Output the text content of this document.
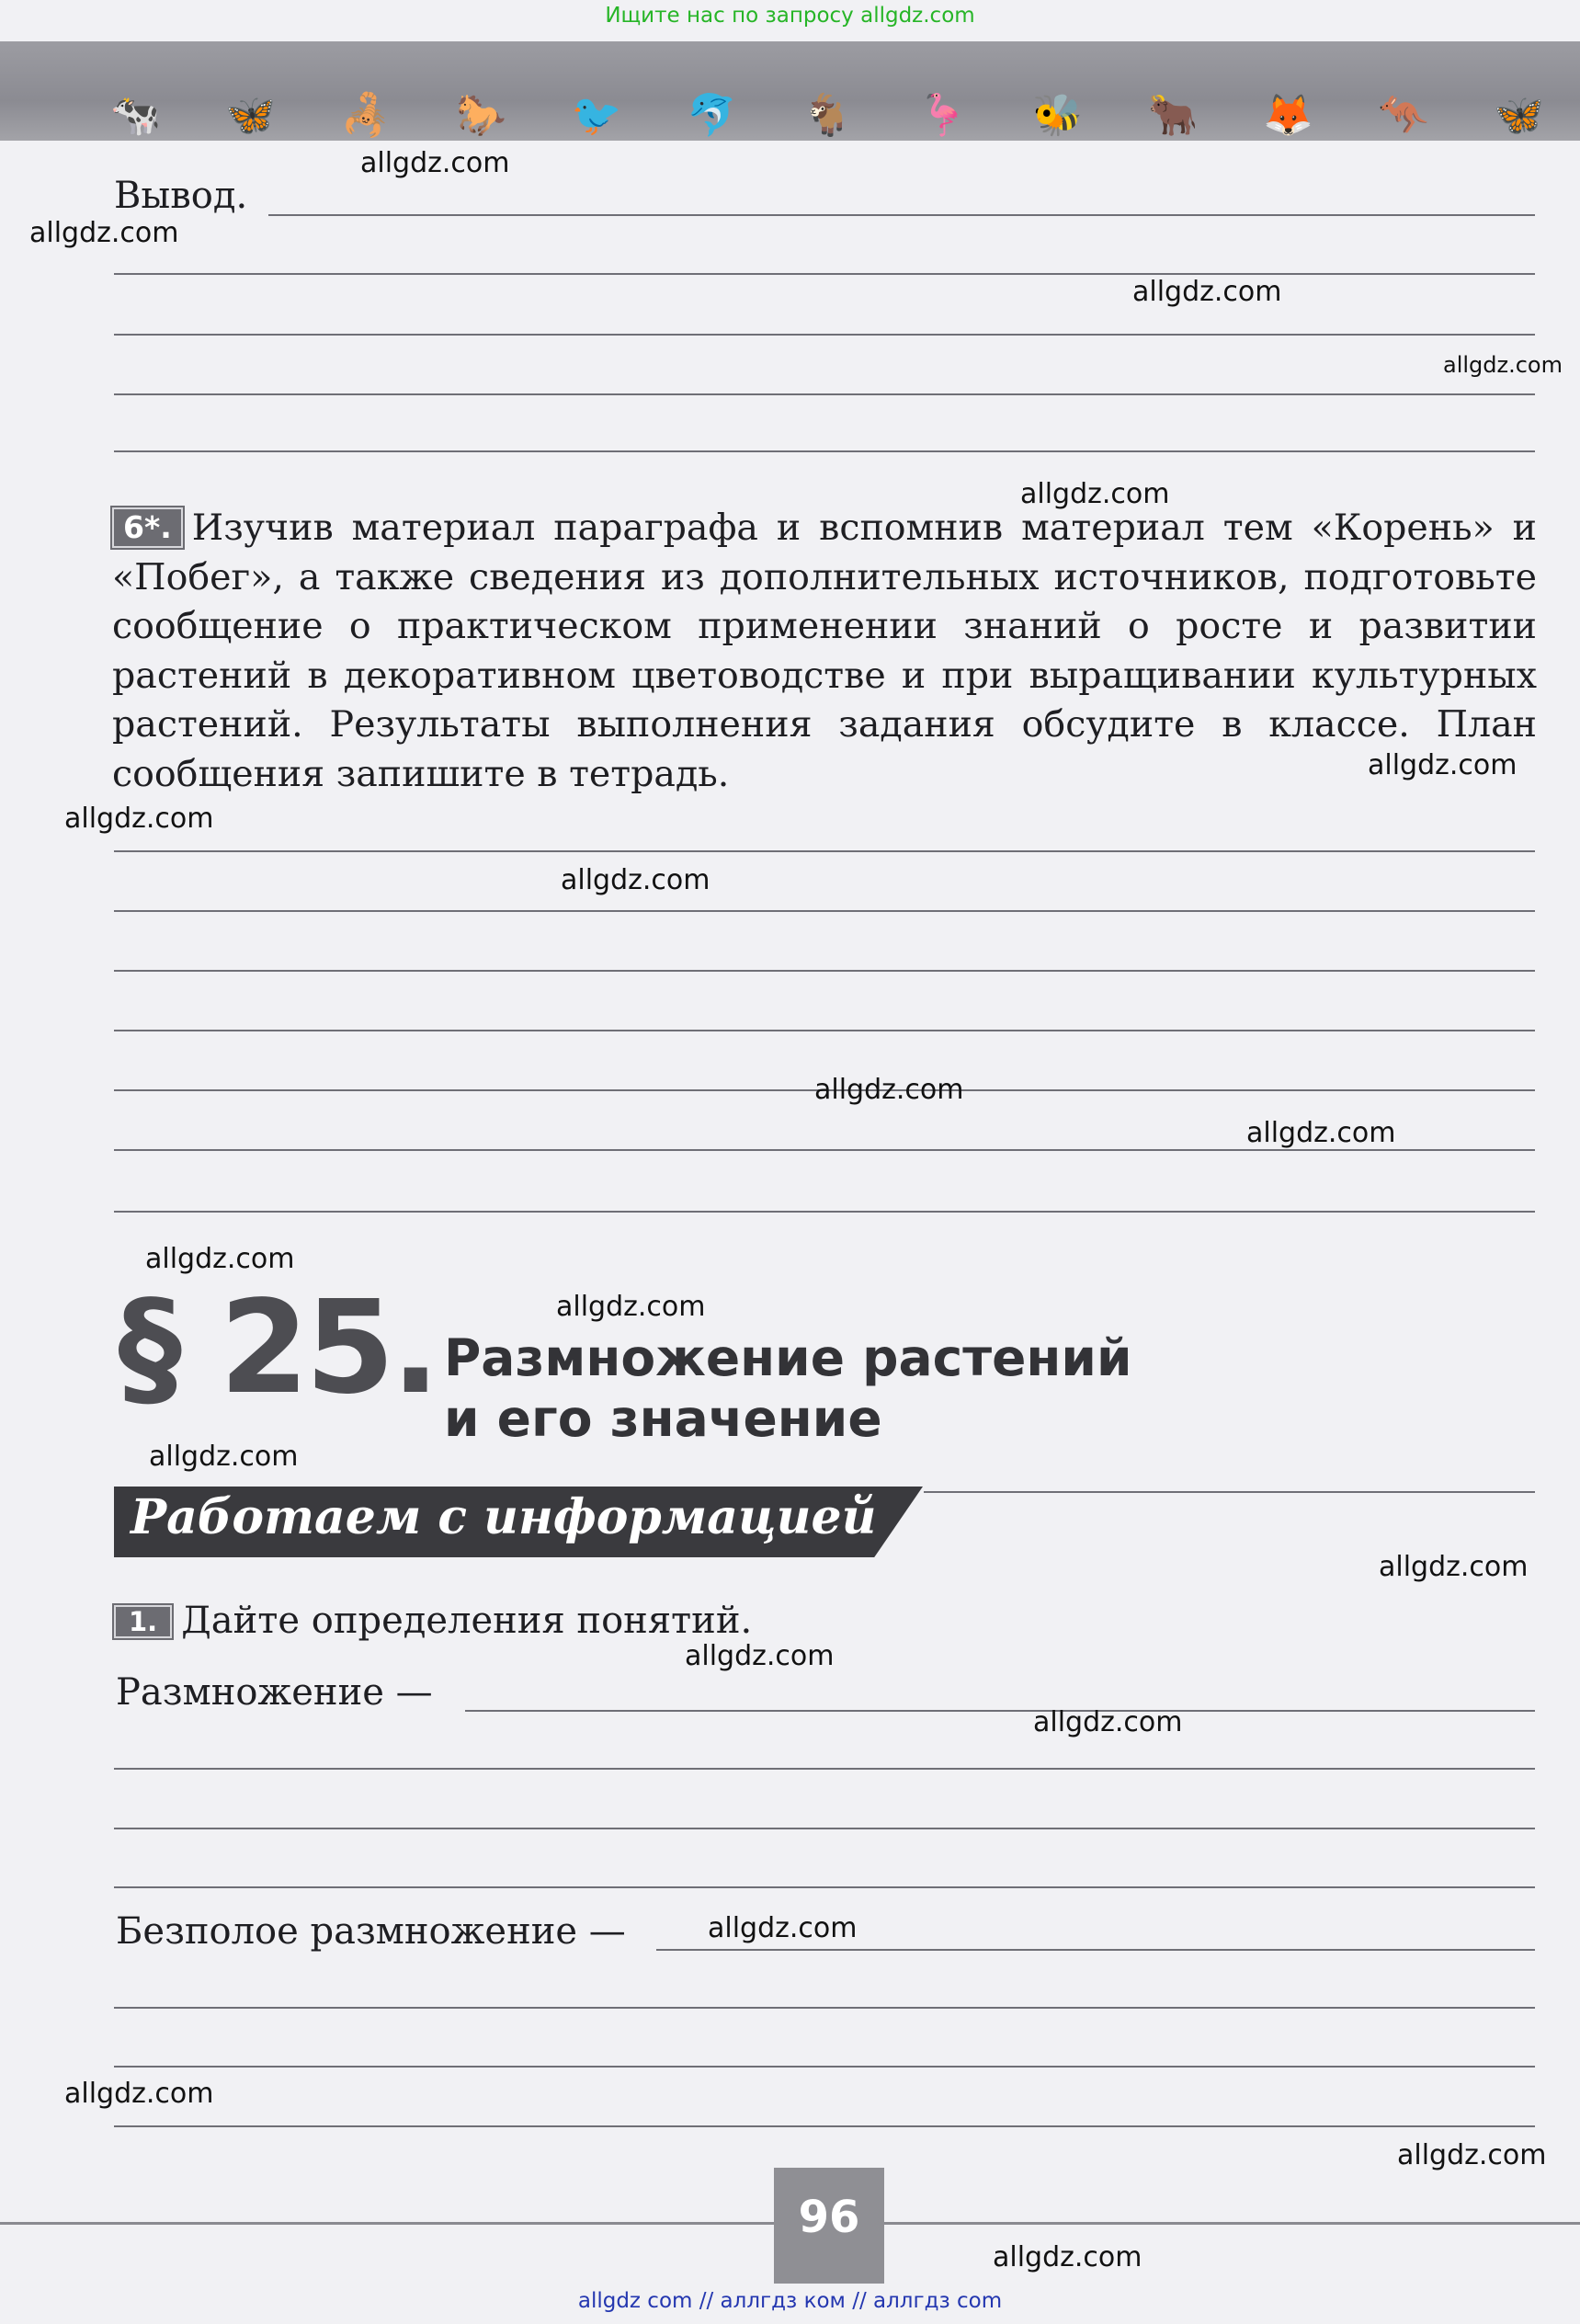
Ищите нас по запросу allgdz.com
🐄 🦋 🦂 🐎 🐦 🐬 🐐 🦩 🐝 🐂 🦊 🦘 🦋
Вывод.
6*. Изучив материал параграфа и вспомнив материал тем «Корень» и «Побег», а также сведения из дополнительных источников, подготовьте сообщение о практическом применении знаний о росте и развитии растений в декоративном цветоводстве и при выращивании культурных растений. Результаты выполнения задания обсудите в классе. План сообщения запишите в тетрадь.
§ 25. Размножение растений
и его значение
Работаем с информацией
1. Дайте определения понятий.
Размножение —
Безполое размножение —
96
allgdz.com
allgdz.com
allgdz.com
allgdz.com
allgdz.com
allgdz.com
allgdz.com
allgdz.com
allgdz.com
allgdz.com
allgdz.com
allgdz.com
allgdz.com
allgdz.com
allgdz.com
allgdz.com
allgdz.com
allgdz.com
allgdz.com
allgdz.com
allgdz com // аллгдз ком // аллгдз com
